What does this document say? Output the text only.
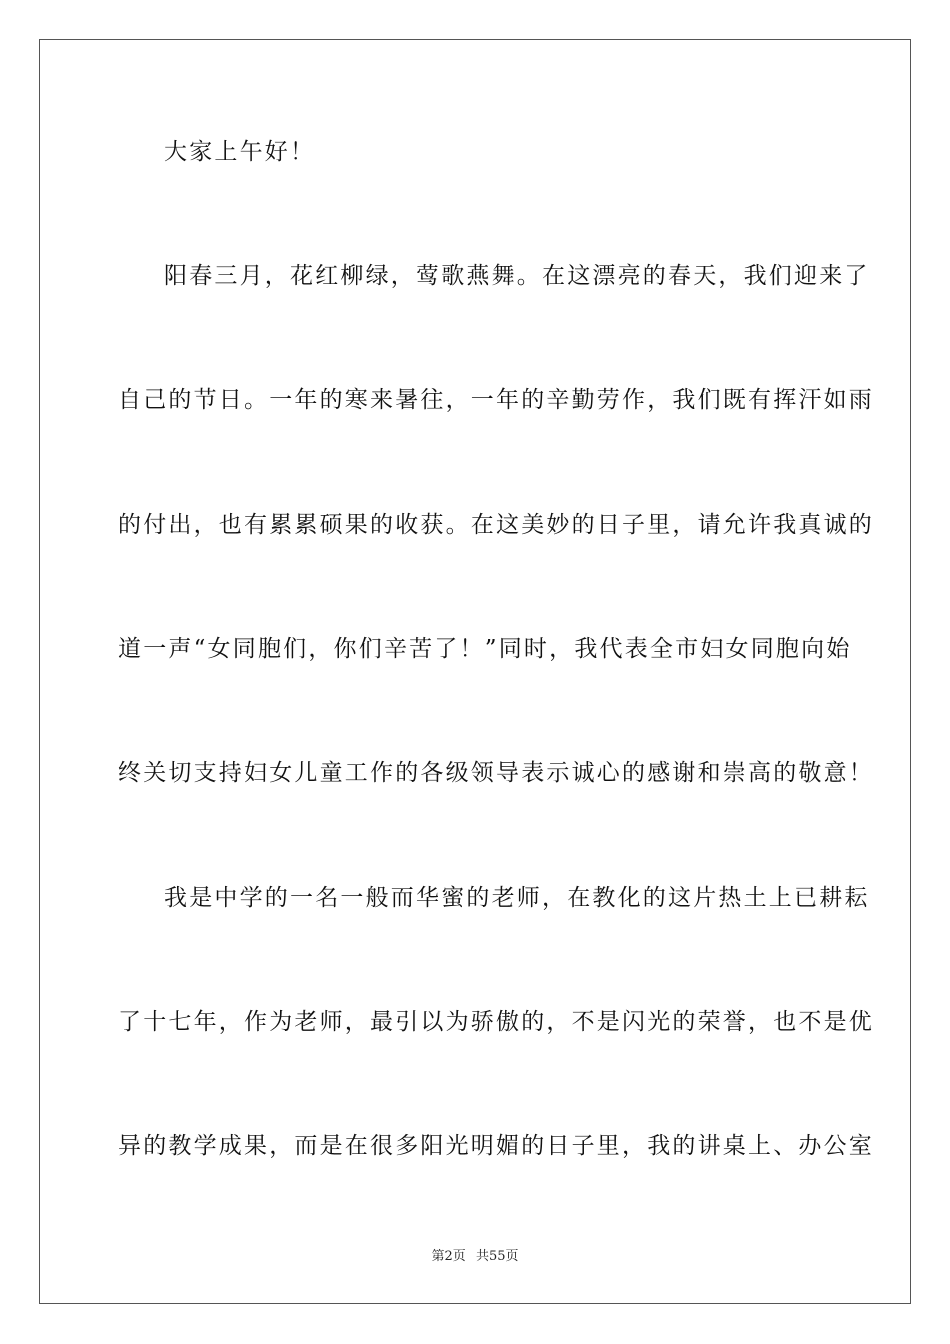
大家上午好！
阳春三月，花红柳绿，莺歌燕舞。在这漂亮的春天，我们迎来了
自己的节日。一年的寒来暑往，一年的辛勤劳作，我们既有挥汗如雨
的付出，也有累累硕果的收获。在这美妙的日子里，请允许我真诚的
道一声“女同胞们，你们辛苦了！”同时，我代表全市妇女同胞向始
终关切支持妇女儿童工作的各级领导表示诚心的感谢和崇高的敬意！
我是中学的一名一般而华蜜的老师，在教化的这片热土上已耕耘
了十七年，作为老师，最引以为骄傲的，不是闪光的荣誉，也不是优
异的教学成果，而是在很多阳光明媚的日子里，我的讲桌上、办公室
第2页 共55页
